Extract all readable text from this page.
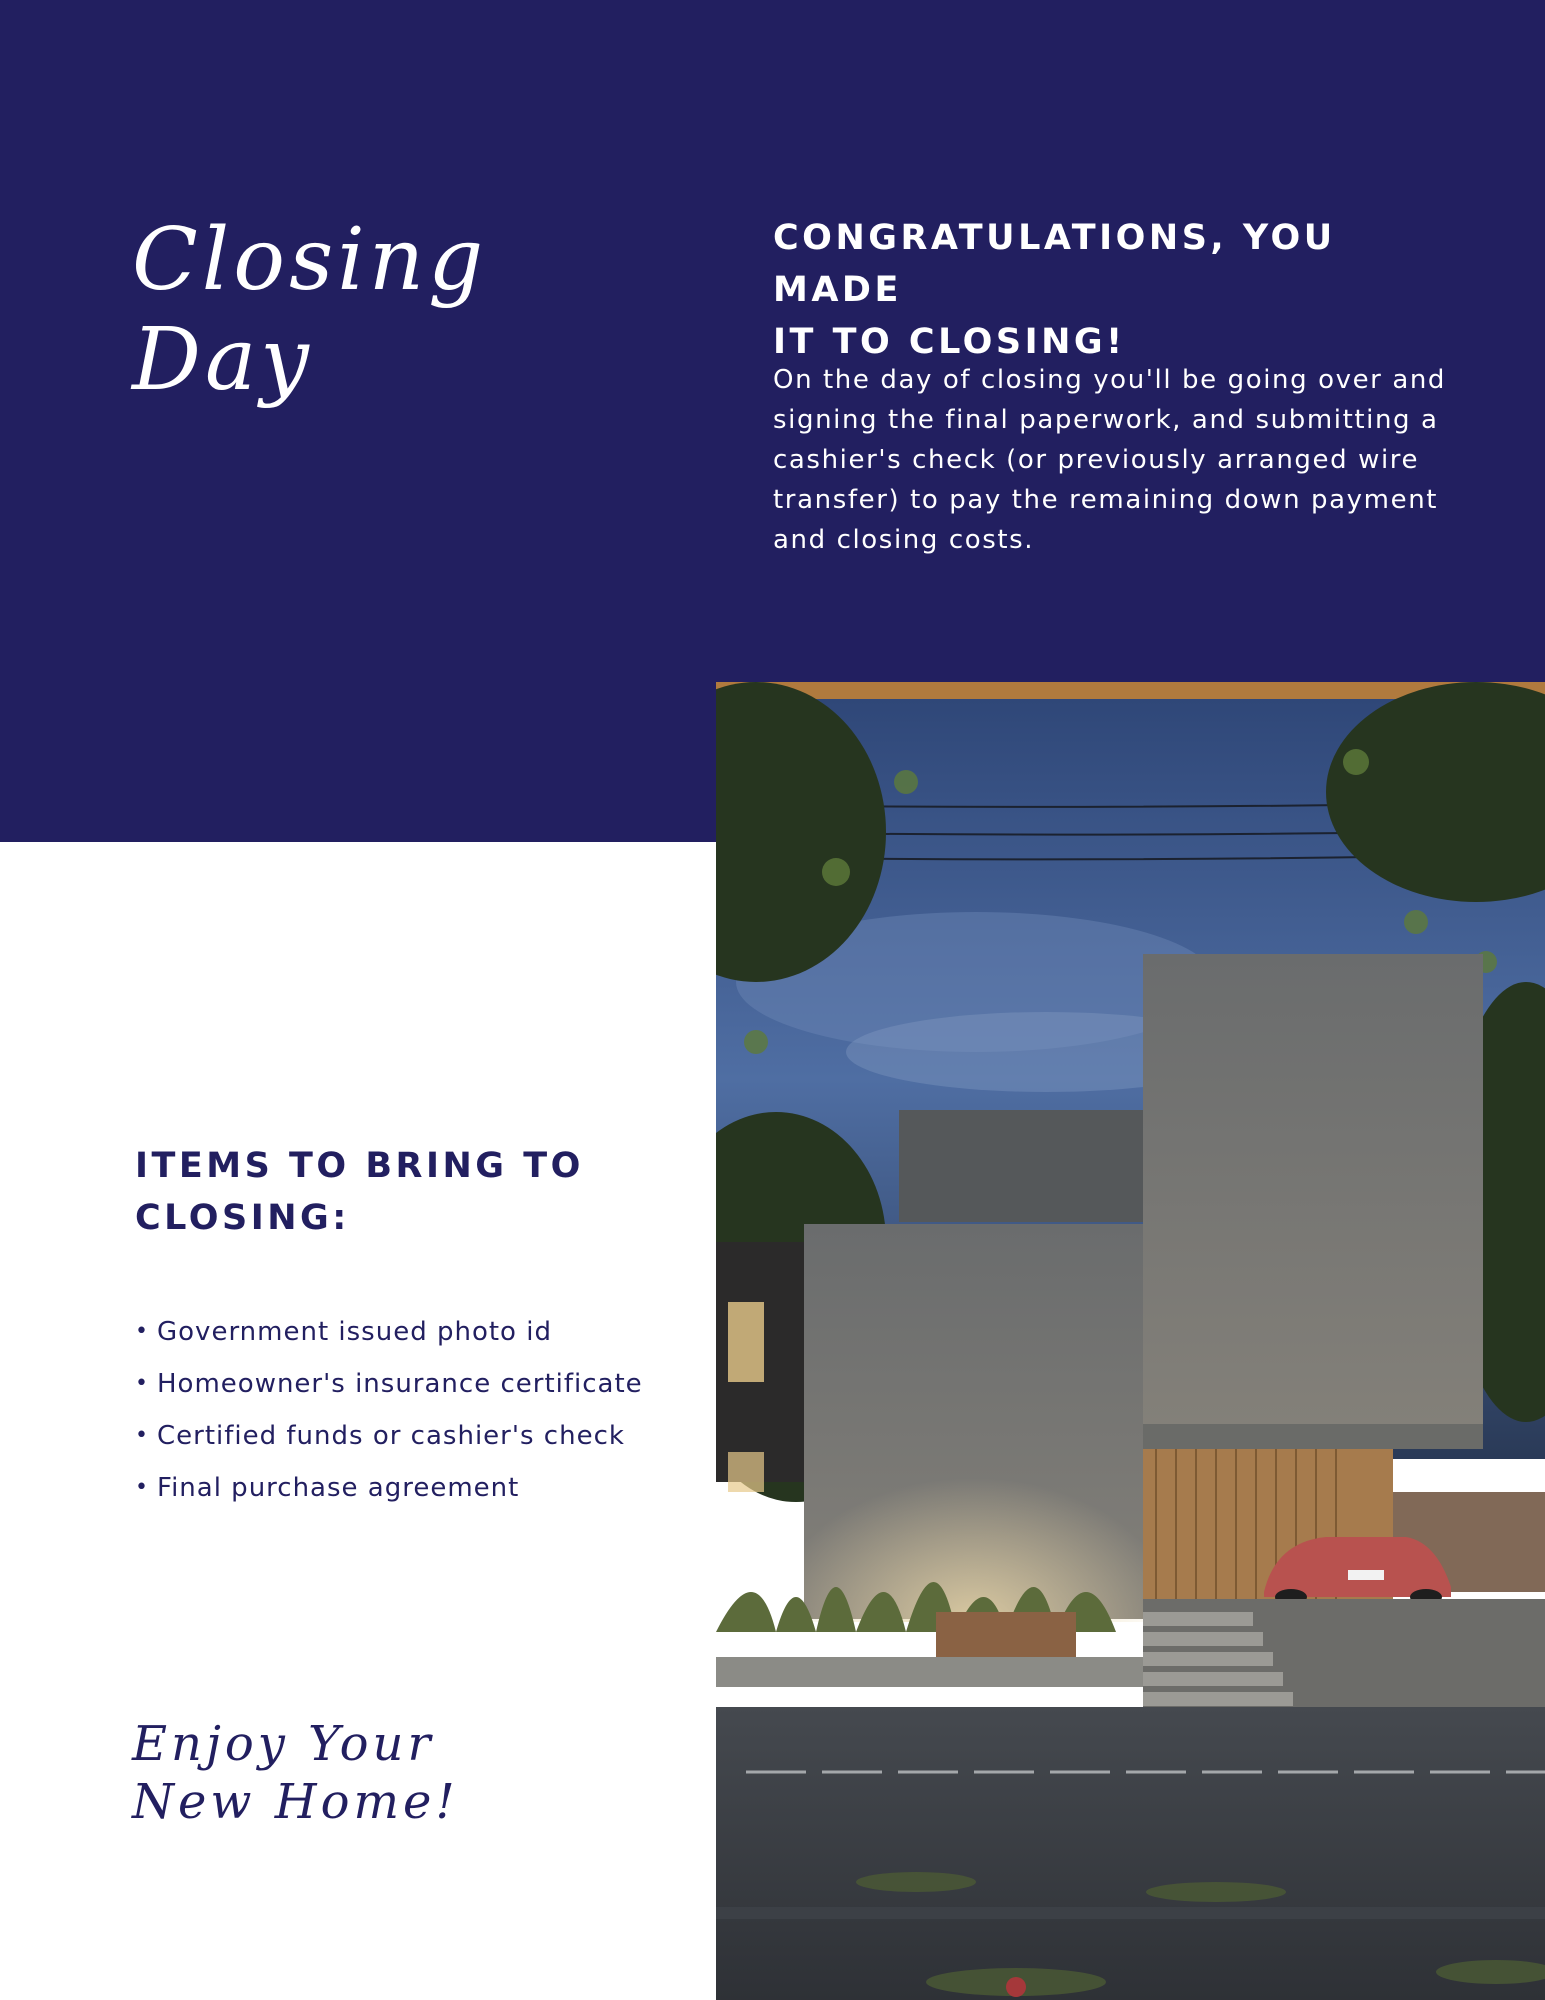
Closing
Day
CONGRATULATIONS, YOU MADE
IT TO CLOSING!
On the day of closing you'll be going over and
signing the final paperwork, and submitting a
cashier's check (or previously arranged wire
transfer) to pay the remaining down payment
and closing costs.
ITEMS TO BRING TO
CLOSING:
• Government issued photo id
• Homeowner's insurance certificate
• Certified funds or cashier's check
• Final purchase agreement
Enjoy Your
New Home!
